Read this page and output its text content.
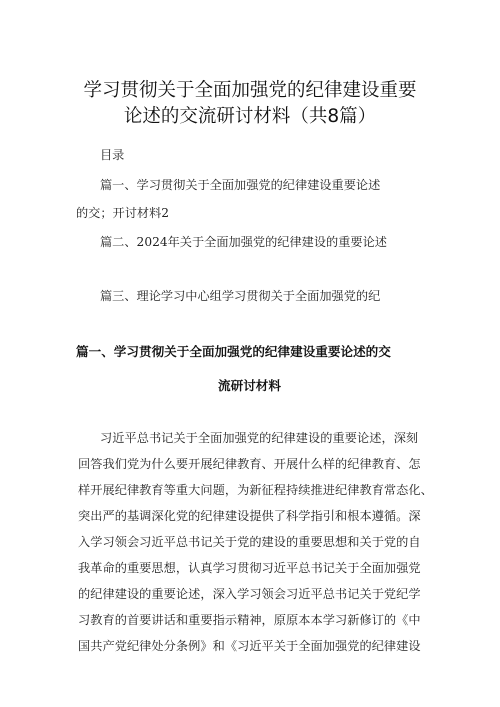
学习贯彻关于全面加强党的纪律建设重要
论述的交流研讨材料（共8篇）
目录
篇一、学习贯彻关于全面加强党的纪律建设重要论述
的交；开讨材料2
篇二、2024年关于全面加强党的纪律建设的重要论述
篇三、理论学习中心组学习贯彻关于全面加强党的纪
篇一、学习贯彻关于全面加强党的纪律建设重要论述的交
流研讨材料
习近平总书记关于全面加强党的纪律建设的重要论述，深刻
回答我们党为什么要开展纪律教育、开展什么样的纪律教育、怎
样开展纪律教育等重大问题，为新征程持续推进纪律教育常态化、
突出严的基调深化党的纪律建设提供了科学指引和根本遵循。深
入学习领会习近平总书记关于党的建设的重要思想和关于党的自
我革命的重要思想，认真学习贯彻习近平总书记关于全面加强党
的纪律建设的重要论述，深入学习领会习近平总书记关于党纪学
习教育的首要讲话和重要指示精神，原原本本学习新修订的《中
国共产党纪律处分条例》和《习近平关于全面加强党的纪律建设
